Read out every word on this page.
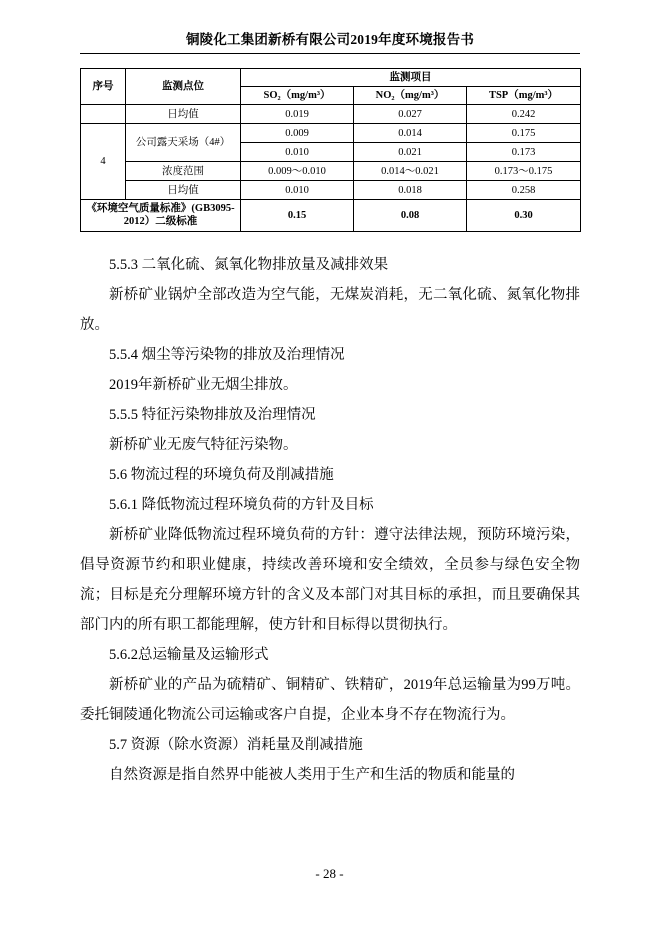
铜陵化工集团新桥有限公司2019年度环境报告书
序号	监测点位	监测项目		
		SO₂（mg/m³）	NO₂（mg/m³）	TSP（mg/m³）
	日均值	0.019	0.027	0.242
4	公司露天采场（4#）	0.009	0.014	0.175
		0.010	0.021	0.173
	浓度范围	0.009～0.010	0.014～0.021	0.173～0.175
	日均值	0.010	0.018	0.258
《环境空气质量标准》(GB3095-2012）二级标准		0.15	0.08	0.30

5.5.3 二氧化硫、氮氧化物排放量及减排效果

新桥矿业锅炉全部改造为空气能，无煤炭消耗，无二氧化硫、氮氧化物排放。

5.5.4 烟尘等污染物的排放及治理情况

2019年新桥矿业无烟尘排放。

5.5.5 特征污染物排放及治理情况

新桥矿业无废气特征污染物。

5.6 物流过程的环境负荷及削减措施

5.6.1 降低物流过程环境负荷的方针及目标

新桥矿业降低物流过程环境负荷的方针：遵守法律法规，预防环境污染，倡导资源节约和职业健康，持续改善环境和安全绩效，全员参与绿色安全物流；目标是充分理解环境方针的含义及本部门对其目标的承担，而且要确保其部门内的所有职工都能理解，使方针和目标得以贯彻执行。

5.6.2总运输量及运输形式

新桥矿业的产品为硫精矿、铜精矿、铁精矿，2019年总运输量为99万吨。委托铜陵通化物流公司运输或客户自提，企业本身不存在物流行为。

5.7 资源（除水资源）消耗量及削减措施

自然资源是指自然界中能被人类用于生产和生活的物质和能量的

- 28 -
